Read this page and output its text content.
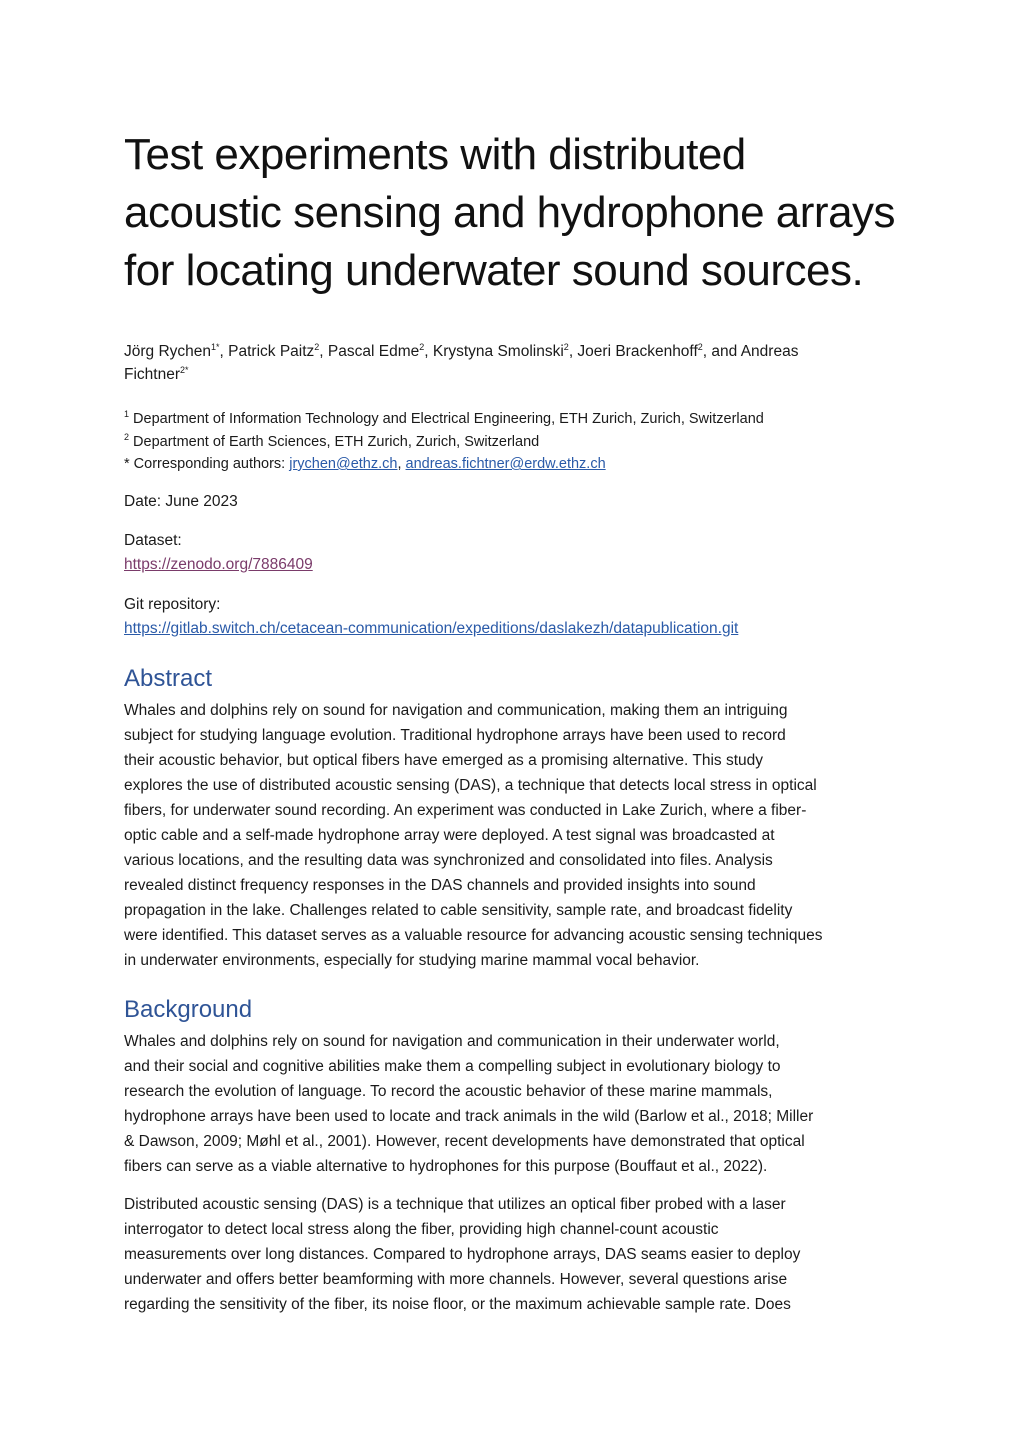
Test experiments with distributed
acoustic sensing and hydrophone arrays
for locating underwater sound sources.
Jörg Rychen$^{1*}$, Patrick Paitz$^2$, Pascal Edme$^2$, Krystyna Smolinski$^2$, Joeri Brackenhoff$^2$, and Andreas
Fichtner$^{2*}$
$^1$ Department of Information Technology and Electrical Engineering, ETH Zurich, Zurich, Switzerland
$^2$ Department of Earth Sciences, ETH Zurich, Zurich, Switzerland
* Corresponding authors: jrychen@ethz.ch, andreas.fichtner@erdw.ethz.ch
Date: June 2023
Dataset:
https://zenodo.org/7886409
Git repository:
https://gitlab.switch.ch/cetacean-communication/expeditions/daslakezh/datapublication.git
Abstract
Whales and dolphins rely on sound for navigation and communication, making them an intriguing
subject for studying language evolution. Traditional hydrophone arrays have been used to record
their acoustic behavior, but optical fibers have emerged as a promising alternative. This study
explores the use of distributed acoustic sensing (DAS), a technique that detects local stress in optical
fibers, for underwater sound recording. An experiment was conducted in Lake Zurich, where a fiber-
optic cable and a self-made hydrophone array were deployed. A test signal was broadcasted at
various locations, and the resulting data was synchronized and consolidated into files. Analysis
revealed distinct frequency responses in the DAS channels and provided insights into sound
propagation in the lake. Challenges related to cable sensitivity, sample rate, and broadcast fidelity
were identified. This dataset serves as a valuable resource for advancing acoustic sensing techniques
in underwater environments, especially for studying marine mammal vocal behavior.
Background
Whales and dolphins rely on sound for navigation and communication in their underwater world,
and their social and cognitive abilities make them a compelling subject in evolutionary biology to
research the evolution of language. To record the acoustic behavior of these marine mammals,
hydrophone arrays have been used to locate and track animals in the wild (Barlow et al., 2018; Miller
& Dawson, 2009; Møhl et al., 2001). However, recent developments have demonstrated that optical
fibers can serve as a viable alternative to hydrophones for this purpose (Bouffaut et al., 2022).
Distributed acoustic sensing (DAS) is a technique that utilizes an optical fiber probed with a laser
interrogator to detect local stress along the fiber, providing high channel-count acoustic
measurements over long distances. Compared to hydrophone arrays, DAS seams easier to deploy
underwater and offers better beamforming with more channels. However, several questions arise
regarding the sensitivity of the fiber, its noise floor, or the maximum achievable sample rate. Does
